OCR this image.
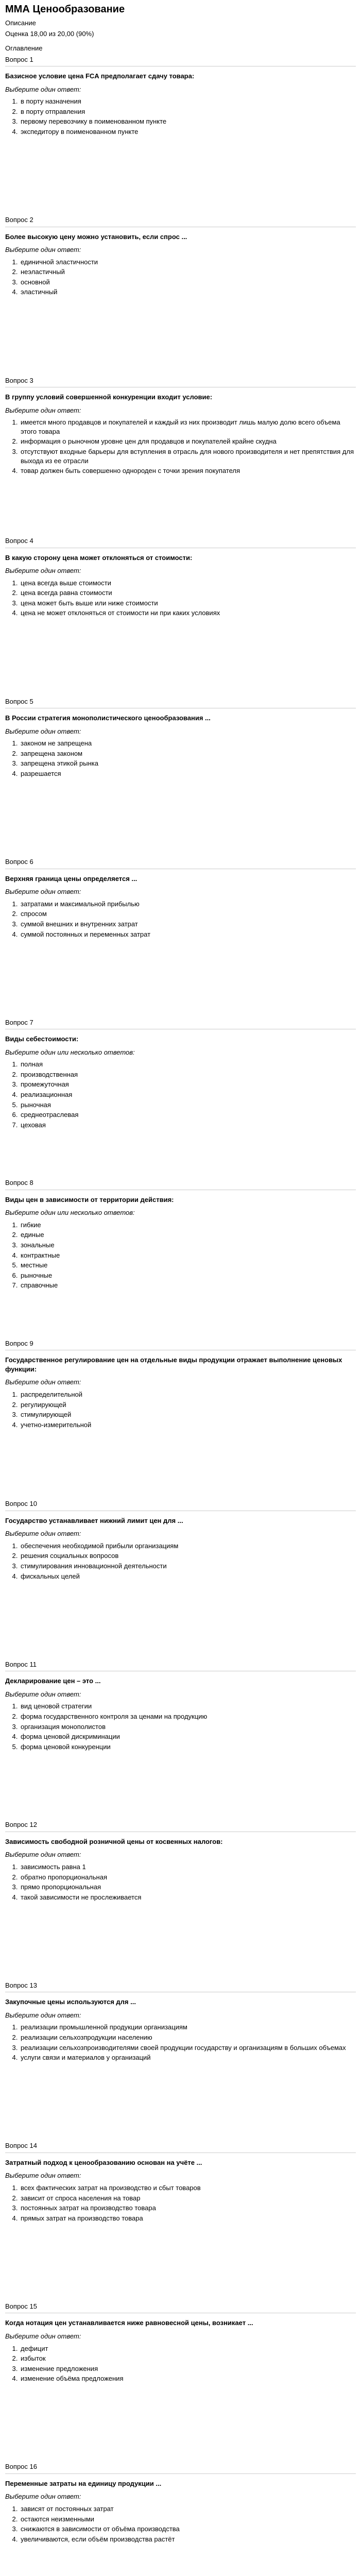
ММА Ценообразование
Описание
Оценка 18,00 из 20,00 (90%)
Оглавление
Вопрос 1
Базисное условие цена FCA предполагает сдачу товара:
Выберите один ответ:
1. в порту назначения
2. в порту отправления
3. первому перевозчику в поименованном пункте
4. экспедитору в поименованном пункте
Вопрос 2
Более высокую цену можно установить, если спрос ...
Выберите один ответ:
1. единичной эластичности
2. неэластичный
3. основной
4. эластичный
Вопрос 3
В группу условий совершенной конкуренции входит условие:
Выберите один ответ:
1. имеется много продавцов и покупателей и каждый из них производит лишь малую долю всего объема этого товара
2. информация о рыночном уровне цен для продавцов и покупателей крайне скудна
3. отсутствуют входные барьеры для вступления в отрасль для нового производителя и нет препятствия для выхода из ее отрасли
4. товар должен быть совершенно однороден с точки зрения покупателя
Вопрос 4
В какую сторону цена может отклоняться от стоимости:
Выберите один ответ:
1. цена всегда выше стоимости
2. цена всегда равна стоимости
3. цена может быть выше или ниже стоимости
4. цена не может отклоняться от стоимости ни при каких условиях
Вопрос 5
В России стратегия монополистического ценообразования ...
Выберите один ответ:
1. законом не запрещена
2. запрещена законом
3. запрещена этикой рынка
4. разрешается
Вопрос 6
Верхняя граница цены определяется ...
Выберите один ответ:
1. затратами и максимальной прибылью
2. спросом
3. суммой внешних и внутренних затрат
4. суммой постоянных и переменных затрат
Вопрос 7
Виды себестоимости:
Выберите один или несколько ответов:
1. полная
2. производственная
3. промежуточная
4. реализационная
5. рыночная
6. среднеотраслевая
7. цеховая
Вопрос 8
Виды цен в зависимости от территории действия:
Выберите один или несколько ответов:
1. гибкие
2. единые
3. зональные
4. контрактные
5. местные
6. рыночные
7. справочные
Вопрос 9
Государственное регулирование цен на отдельные виды продукции отражает выполнение ценовых функции:
Выберите один ответ:
1. распределительной
2. регулирующей
3. стимулирующей
4. учетно-измерительной
Вопрос 10
Государство устанавливает нижний лимит цен для ...
Выберите один ответ:
1. обеспечения необходимой прибыли организациям
2. решения социальных вопросов
3. стимулирования инновационной деятельности
4. фискальных целей
Вопрос 11
Декларирование цен – это ...
Выберите один ответ:
1. вид ценовой стратегии
2. форма государственного контроля за ценами на продукцию
3. организация монополистов
4. форма ценовой дискриминации
5. форма ценовой конкуренции
Вопрос 12
Зависимость свободной розничной цены от косвенных налогов:
Выберите один ответ:
1. зависимость равна 1
2. обратно пропорциональная
3. прямо пропорциональная
4. такой зависимости не прослеживается
Вопрос 13
Закупочные цены используются для ...
Выберите один ответ:
1. реализации промышленной продукции организациям
2. реализации сельхозпродукции населению
3. реализации сельхозпроизводителями своей продукции государству и организациям в больших объемах
4. услуги связи и материалов у организаций
Вопрос 14
Затратный подход к ценообразованию основан на учёте ...
Выберите один ответ:
1. всех фактических затрат на производство и сбыт товаров
2. зависит от спроса населения на товар
3. постоянных затрат на производство товара
4. прямых затрат на производство товара
Вопрос 15
Когда нотация цен устанавливается ниже равновесной цены, возникает ...
Выберите один ответ:
1. дефицит
2. избыток
3. изменение предложения
4. изменение объёма предложения
Вопрос 16
Переменные затраты на единицу продукции ...
Выберите один ответ:
1. зависят от постоянных затрат
2. остаются неизменными
3. снижаются в зависимости от объёма производства
4. увеличиваются, если объём производства растёт
